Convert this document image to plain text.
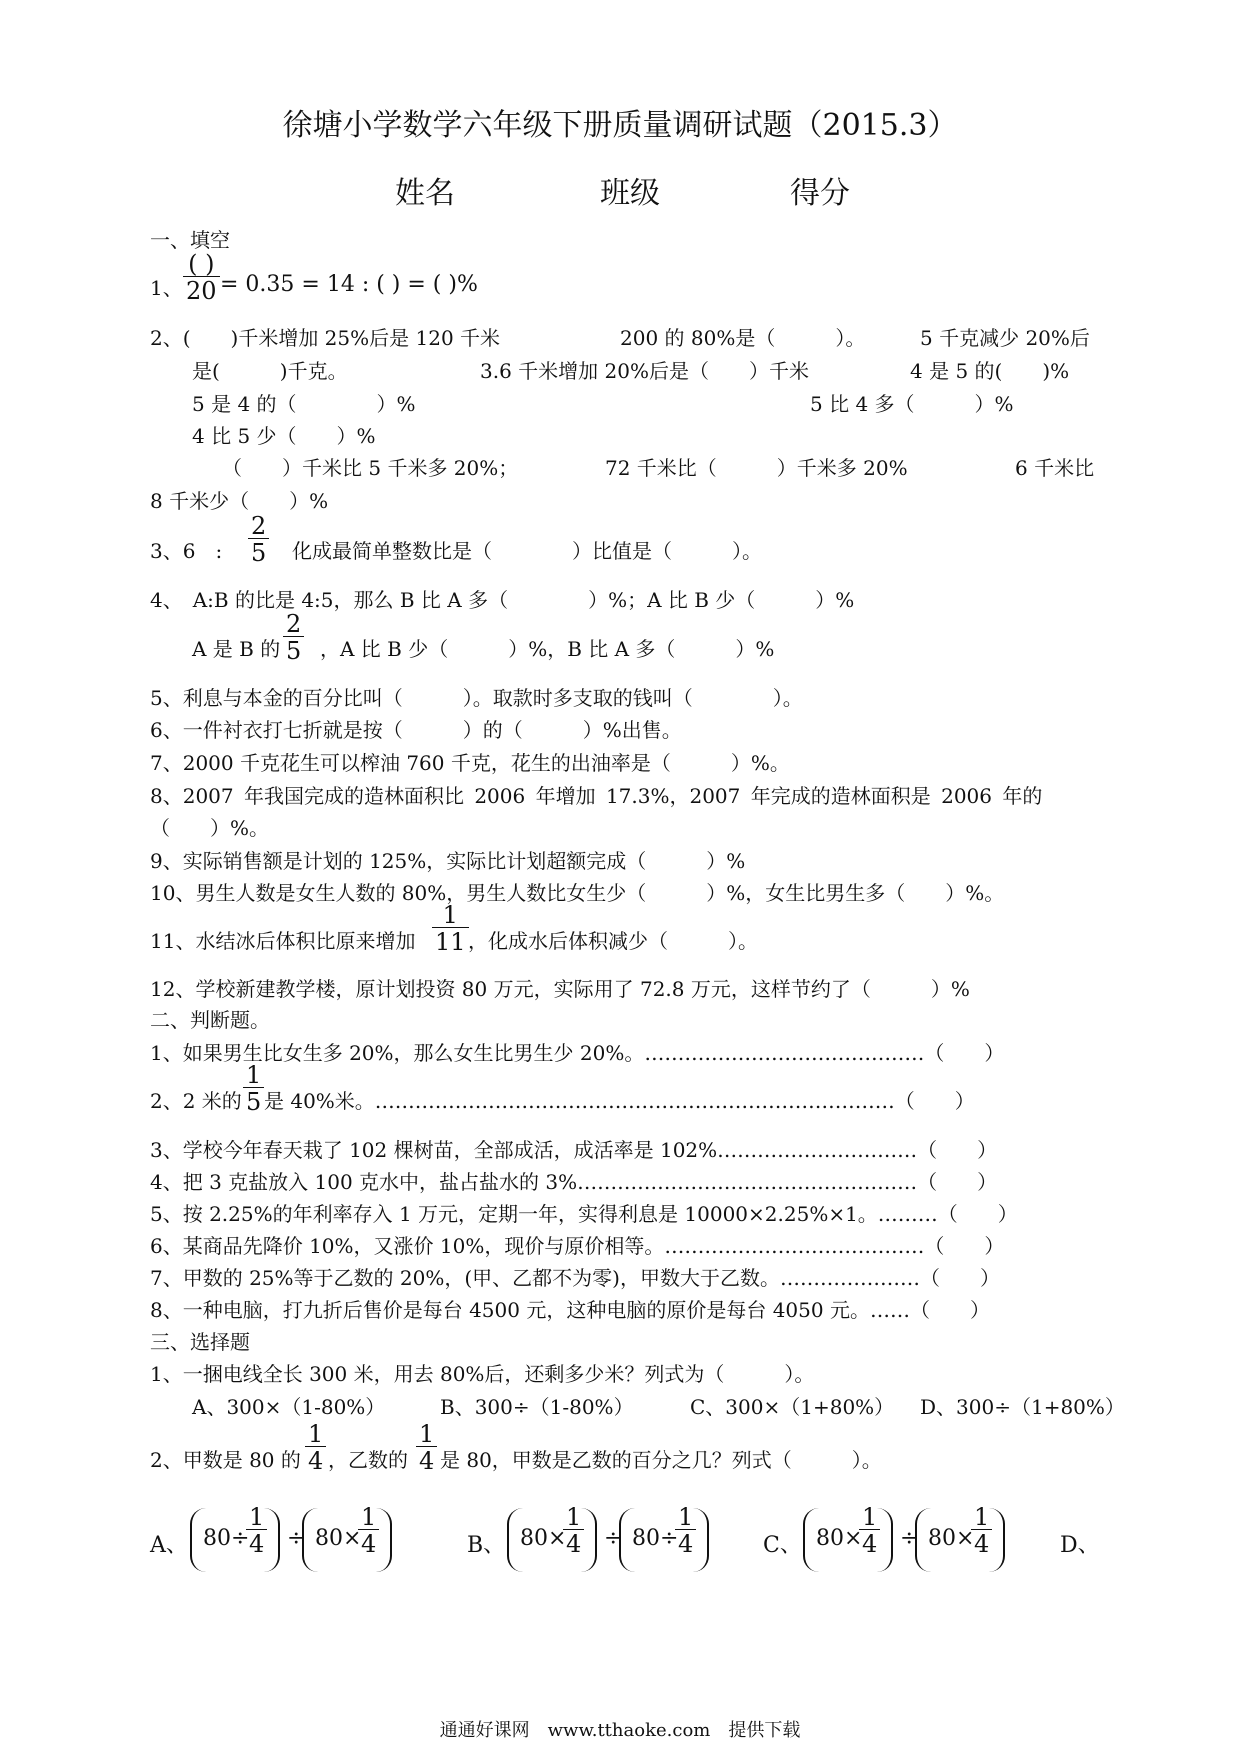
徐塘小学数学六年级下册质量调研试题（2015.3）
姓名	班级	得分
一、填空
1、
( )
20 = 0.35 = 14 : ( ) = ( )%
2、(　　)千米增加 25%后是 120 千米	200 的 80%是（　　　）。	5 千克减少 20%后
是(　　　)千克。	3.6 千米增加 20%后是（　　）千米	4 是 5 的(　　)%
5 是 4 的（　　　　）%	5 比 4 多（　　　）%
4 比 5 少（　　）%
（　　）千米比 5 千米多 20%；	72 千米比（　　　）千米多 20%	6 千米比
8 千米少（　　）%
3、6　: $\frac{2}{5}$ 化成最简单整数比是（　　　　）比值是（　　　）。
4、　A:B 的比是 4:5，那么 B 比 A 多（　　　　）%；A 比 B 少（　　　）%
A 是 B 的 $\frac{2}{5}$ ，A 比 B 少（　　　）%，B 比 A 多（　　　）%
5、利息与本金的百分比叫（　　　）。取款时多支取的钱叫（　　　　）。
6、一件衬衣打七折就是按（　　　）的（　　　）%出售。
7、2000 千克花生可以榨油 760 千克，花生的出油率是（　　　）%。
8、2007 年我国完成的造林面积比 2006 年增加 17.3%，2007 年完成的造林面积是 2006 年的
（　　）%。
9、实际销售额是计划的 125%，实际比计划超额完成（　　　）%
10、男生人数是女生人数的 80%，男生人数比女生少（　　　）%，女生比男生多（　　）%。
11、水结冰后体积比原来增加 $\frac{1}{11}$ ，化成水后体积减少（　　　）。
12、学校新建教学楼，原计划投资 80 万元，实际用了 72.8 万元，这样节约了（　　　）%
二、判断题。
1、如果男生比女生多 20%，那么女生比男生少 20%。……………………………………（　　）
2、2 米的 $\frac{1}{5}$ 是 40%米。……………………………………………………………………（　　）
3、学校今年春天栽了 102 棵树苗，全部成活，成活率是 102%…………………………（　　）
4、把 3 克盐放入 100 克水中，盐占盐水的 3%……………………………………………（　　）
5、按 2.25%的年利率存入 1 万元，定期一年，实得利息是 10000×2.25%×1。………（　　）
6、某商品先降价 10%，又涨价 10%，现价与原价相等。…………………………………（　　）
7、甲数的 25%等于乙数的 20%，(甲、乙都不为零)，甲数大于乙数。…………………（　　）
8、一种电脑，打九折后售价是每台 4500 元，这种电脑的原价是每台 4050 元。……（　　）
三、选择题
1、一捆电线全长 300 米，用去 80%后，还剩多少米？列式为（　　　）。
A、300×（1-80%）	B、300÷（1-80%）	C、300×（1+80%） D、300÷（1+80%）
2、甲数是 80 的 $\frac{1}{4}$ ，乙数的 $\frac{1}{4}$ 是 80，甲数是乙数的百分之几？列式（　　　）。
A、 80÷
$\frac{1}{4} \div 80\times$
$\frac{1}{4}$	B、 80×
$\frac{1}{4} \div 80\div$
$\frac{1}{4}$	C、 80×
$\frac{1}{4} \div 80\times$
$\frac{1}{4}$	D、
通通好课网　www.tthaoke.com　提供下载
